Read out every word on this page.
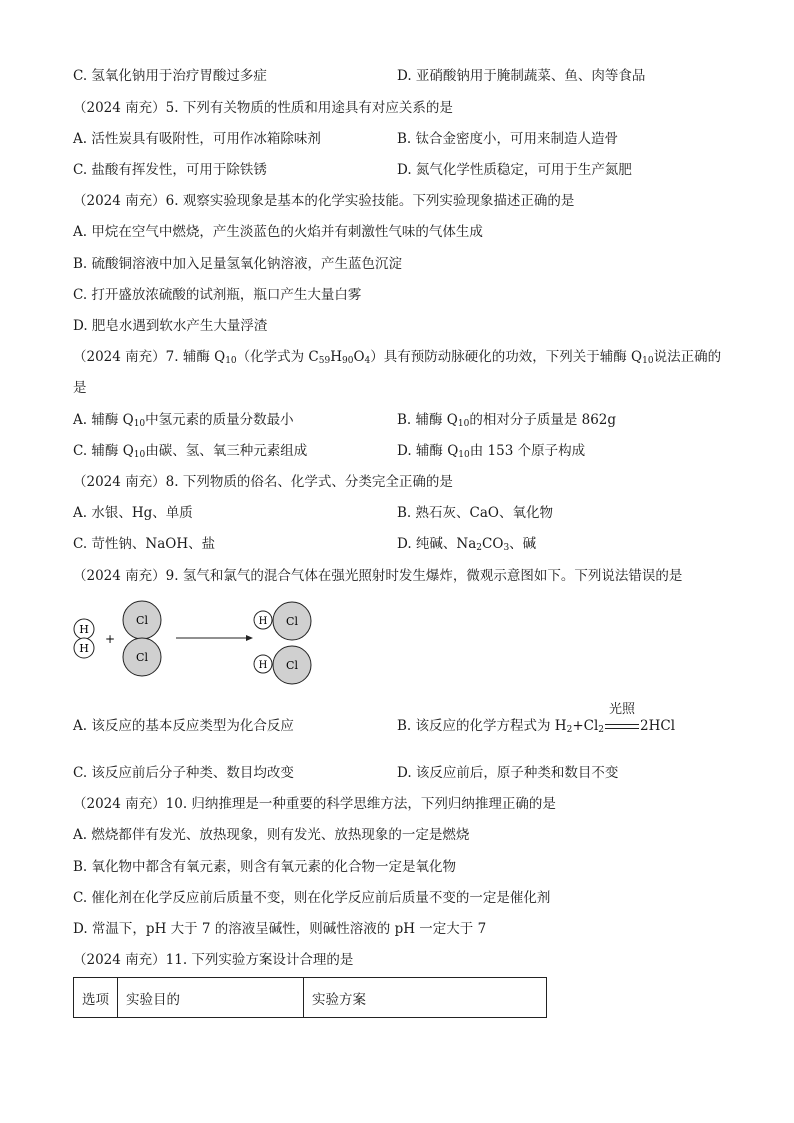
C. 氢氧化钠用于治疗胃酸过多症	D. 亚硝酸钠用于腌制蔬菜、鱼、肉等食品
（2024 南充）5. 下列有关物质的性质和用途具有对应关系的是
A. 活性炭具有吸附性，可用作冰箱除味剂	B. 钛合金密度小，可用来制造人造骨
C. 盐酸有挥发性，可用于除铁锈	D. 氮气化学性质稳定，可用于生产氮肥
（2024 南充）6. 观察实验现象是基本的化学实验技能。下列实验现象描述正确的是
A. 甲烷在空气中燃烧，产生淡蓝色的火焰并有刺激性气味的气体生成
B. 硫酸铜溶液中加入足量氢氧化钠溶液，产生蓝色沉淀
C. 打开盛放浓硫酸的试剂瓶，瓶口产生大量白雾
D. 肥皂水遇到软水产生大量浮渣
（2024 南充）7. 辅酶 $Q_{10}$（化学式为 $C_{59}H_{90}O_4$）具有预防动脉硬化的功效，下列关于辅酶 $Q_{10}$说法正确的
是
A. 辅酶 $Q_{10}$中氢元素的质量分数最小	B. 辅酶 $Q_{10}$的相对分子质量是 862g
C. 辅酶 $Q_{10}$由碳、氢、氧三种元素组成	D. 辅酶 $Q_{10}$由 153 个原子构成
（2024 南充）8. 下列物质的俗名、化学式、分类完全正确的是
A. 水银、Hg、单质	B. 熟石灰、CaO、氧化物
C. 苛性钠、NaOH、盐	D. 纯碱、$Na_2CO_3$、碱
（2024 南充）9. 氢气和氯气的混合气体在强光照射时发生爆炸，微观示意图如下。下列说法错误的是
H
H
+
Cl
Cl
H Cl
H Cl
A. 该反应的基本反应类型为化合反应	B. 该反应的化学方程式为 $H_2+Cl_2$
光照
2HCl
C. 该反应前后分子种类、数目均改变	D. 该反应前后，原子种类和数目不变
（2024 南充）10. 归纳推理是一种重要的科学思维方法，下列归纳推理正确的是
A. 燃烧都伴有发光、放热现象，则有发光、放热现象的一定是燃烧
B. 氧化物中都含有氧元素，则含有氧元素的化合物一定是氧化物
C. 催化剂在化学反应前后质量不变，则在化学反应前后质量不变的一定是催化剂
D. 常温下，pH 大于 7 的溶液呈碱性，则碱性溶液的 pH 一定大于 7
（2024 南充）11. 下列实验方案设计合理的是
选项	实验目的	实验方案
